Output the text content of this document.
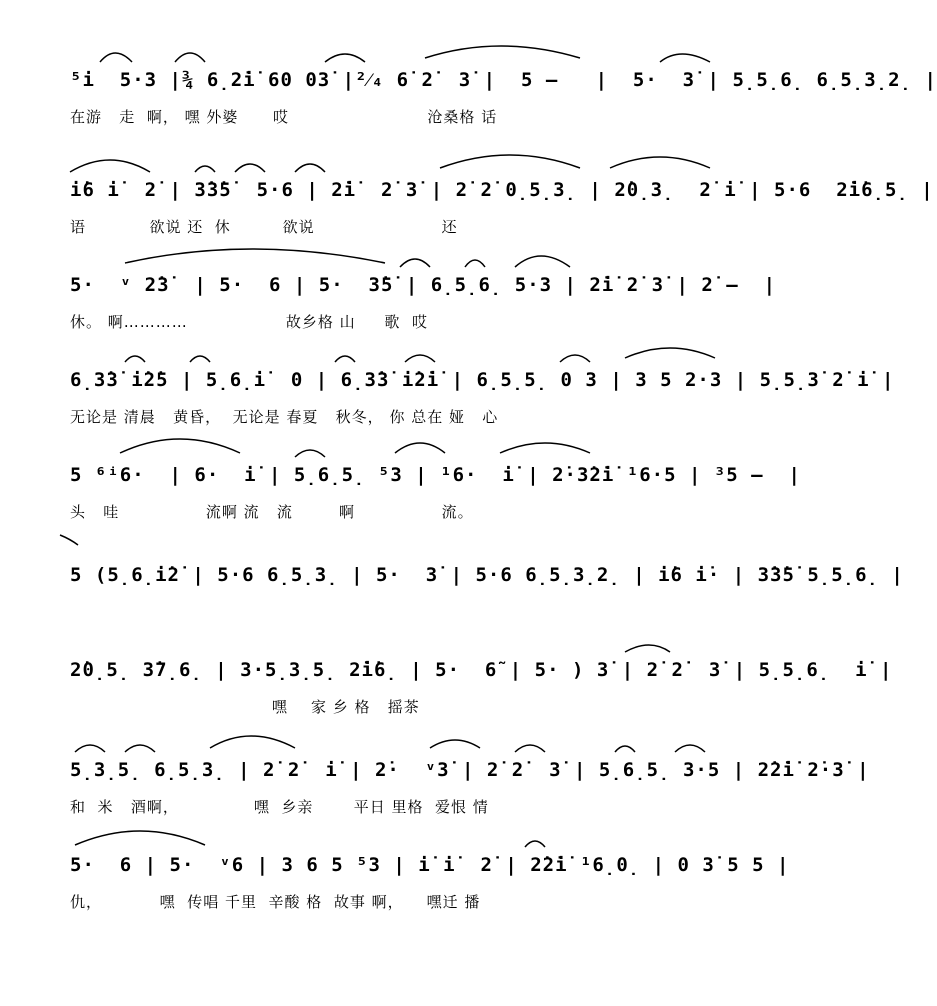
⁵i  5·3 |¾ 6̣2̇i̇ 60 03̇ |²⁄₄ 6̇ 2̇  3̇ |  5 –   |  5·  3̇ | 5̣5̣6̣ 6̣5̣3̣2̣ |
在游   走  啊， 嘿 外婆      哎                        沧桑格 话
i̇6 i̇  2̇ | 3̇3̇5̇  5·6 | 2̇i̇  2̇ 3̇ | 2̇ 2̇ 0̣5̣3̣ | 2̇0̣3̣  2̇ i̇ | 5·6  2̇i̇6̣5̣ |
语           欲说 还  休         欲说                      还
5·  ᵛ 2̇3̇  | 5·  6 | 5·  3̇5̇ | 6̣5̣6̣ 5·3 | 2̇i̇ 2̇ 3̇ | 2̇ –  |
休。 啊…………                 故乡格 山     歌  哎
6̣3̇3̇ i̇2̇5 | 5̣6̣i̇  0 | 6̣3̇3̇ i̇2̇i̇ | 6̣5̣5̣ 0 3 | 3 5 2·3 | 5̣5̣3̇ 2̇ i̇ |
无论是 清晨   黄昏，  无论是 春夏   秋冬， 你 总在 娅   心
5 ⁶ⁱ6·  | 6·  i̇ | 5̣6̣5̣ ⁵3 | ¹6·  i̇ | 2̇·3̇2̇i̇ ¹6·5 | ³5 –  |
头   哇               流啊 流   流        啊               流。
5 (5̣6̣i̇2̇ | 5·6 6̣5̣3̣ | 5·  3̇ | 5·6 6̣5̣3̣2̣ | i̇6 i̇· | 3̇3̇5̇ 5̣5̣6̣ |
2̇0̣5̣ 3̇7̣6̣ | 3·5̣3̣5̣ 2̇i̇6̣ | 5·  6̃ | 5· ) 3̇ | 2̇ 2̇  3̇ | 5̣5̣6̣  i̇ |
嘿    家 乡 格   摇茶
5̣3̣5̣ 6̣5̣3̣ | 2̇ 2̇  i̇ | 2̇·  ᵛ3̇ | 2̇ 2̇  3̇ | 5̣6̣5̣ 3·5 | 2̇2̇i̇ 2̇·3̇ |
和  米   酒啊，             嘿  乡亲       平日 里格  爱恨 情
5·  6 | 5·  ᵛ6 | 3 6 5 ⁵3 | i̇ i̇  2̇ | 2̇2̇i̇ ¹6̣0̣ | 0 3̇ 5 5 |
仇，          嘿  传唱 千里  辛酸 格  故事 啊，    嘿迁 播
